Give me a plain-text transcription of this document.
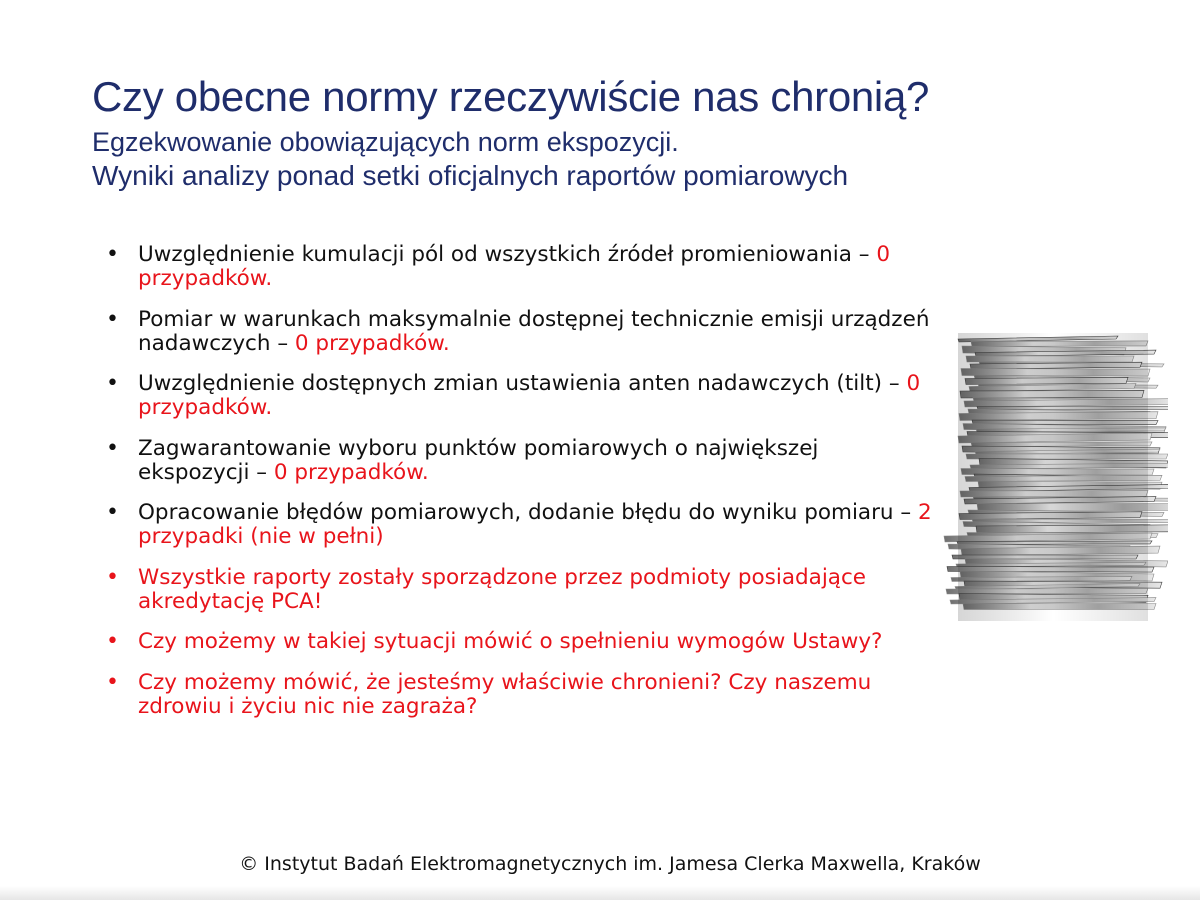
Czy obecne normy rzeczywiście nas chronią?
Egzekwowanie obowiązujących norm ekspozycji.
Wyniki analizy ponad setki oficjalnych raportów pomiarowych
• Uwzględnienie kumulacji pól od wszystkich źródeł promieniowania – 0 przypadków.
• Pomiar w warunkach maksymalnie dostępnej technicznie emisji urządzeń nadawczych – 0 przypadków.
• Uwzględnienie dostępnych zmian ustawienia anten nadawczych (tilt) – 0 przypadków.
• Zagwarantowanie wyboru punktów pomiarowych o największej ekspozycji – 0 przypadków.
• Opracowanie błędów pomiarowych, dodanie błędu do wyniku pomiaru – 2 przypadki (nie w pełni)
• Wszystkie raporty zostały sporządzone przez podmioty posiadające akredytację PCA!
• Czy możemy w takiej sytuacji mówić o spełnieniu wymogów Ustawy?
• Czy możemy mówić, że jesteśmy właściwie chronieni? Czy naszemu zdrowiu i życiu nic nie zagraża?
© Instytut Badań Elektromagnetycznych im. Jamesa Clerka Maxwella, Kraków
